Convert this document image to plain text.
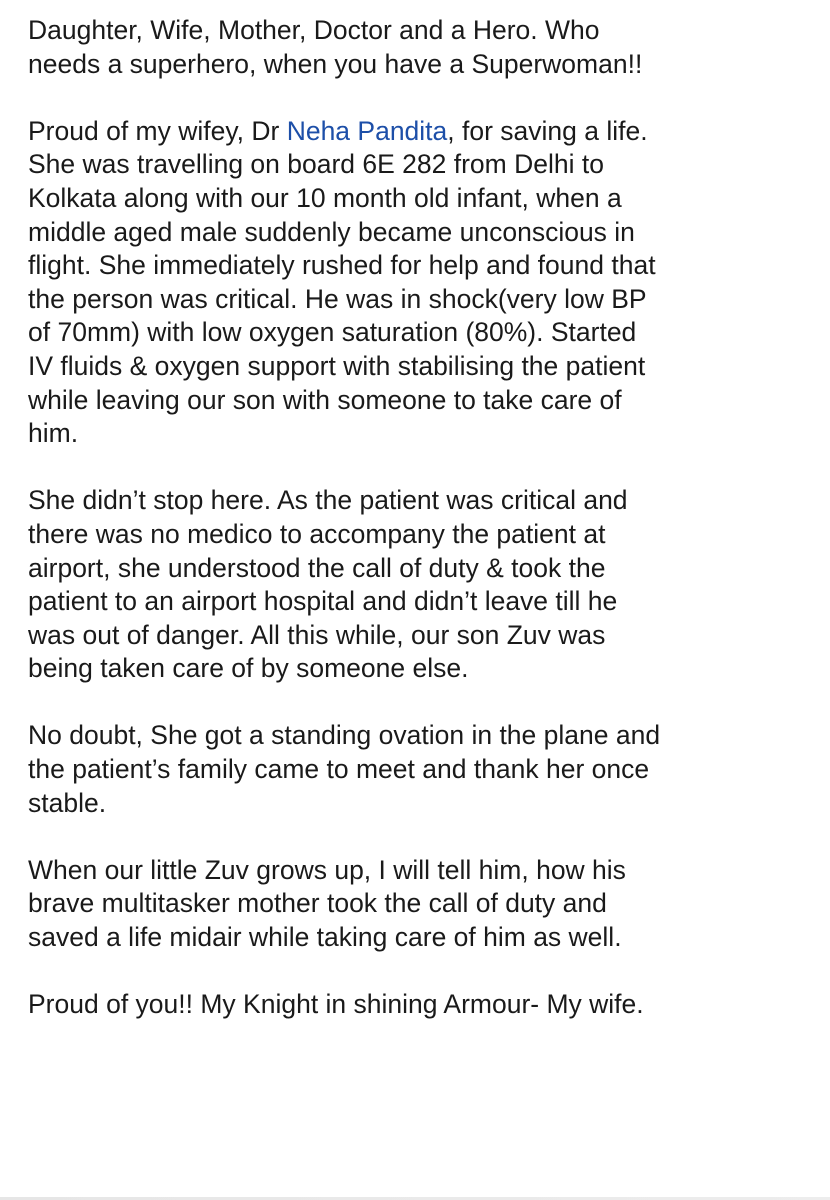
Daughter, Wife, Mother, Doctor and a Hero. Who
needs a superhero, when you have a Superwoman!!

Proud of my wifey, Dr Neha Pandita, for saving a life.
She was travelling on board 6E 282 from Delhi to
Kolkata along with our 10 month old infant, when a
middle aged male suddenly became unconscious in
flight. She immediately rushed for help and found that
the person was critical. He was in shock(very low BP
of 70mm) with low oxygen saturation (80%). Started
IV fluids & oxygen support with stabilising the patient
while leaving our son with someone to take care of
him.

She didn’t stop here. As the patient was critical and
there was no medico to accompany the patient at
airport, she understood the call of duty & took the
patient to an airport hospital and didn’t leave till he
was out of danger. All this while, our son Zuv was
being taken care of by someone else.

No doubt, She got a standing ovation in the plane and
the patient’s family came to meet and thank her once
stable.

When our little Zuv grows up, I will tell him, how his
brave multitasker mother took the call of duty and
saved a life midair while taking care of him as well.

Proud of you!! My Knight in shining Armour- My wife.
